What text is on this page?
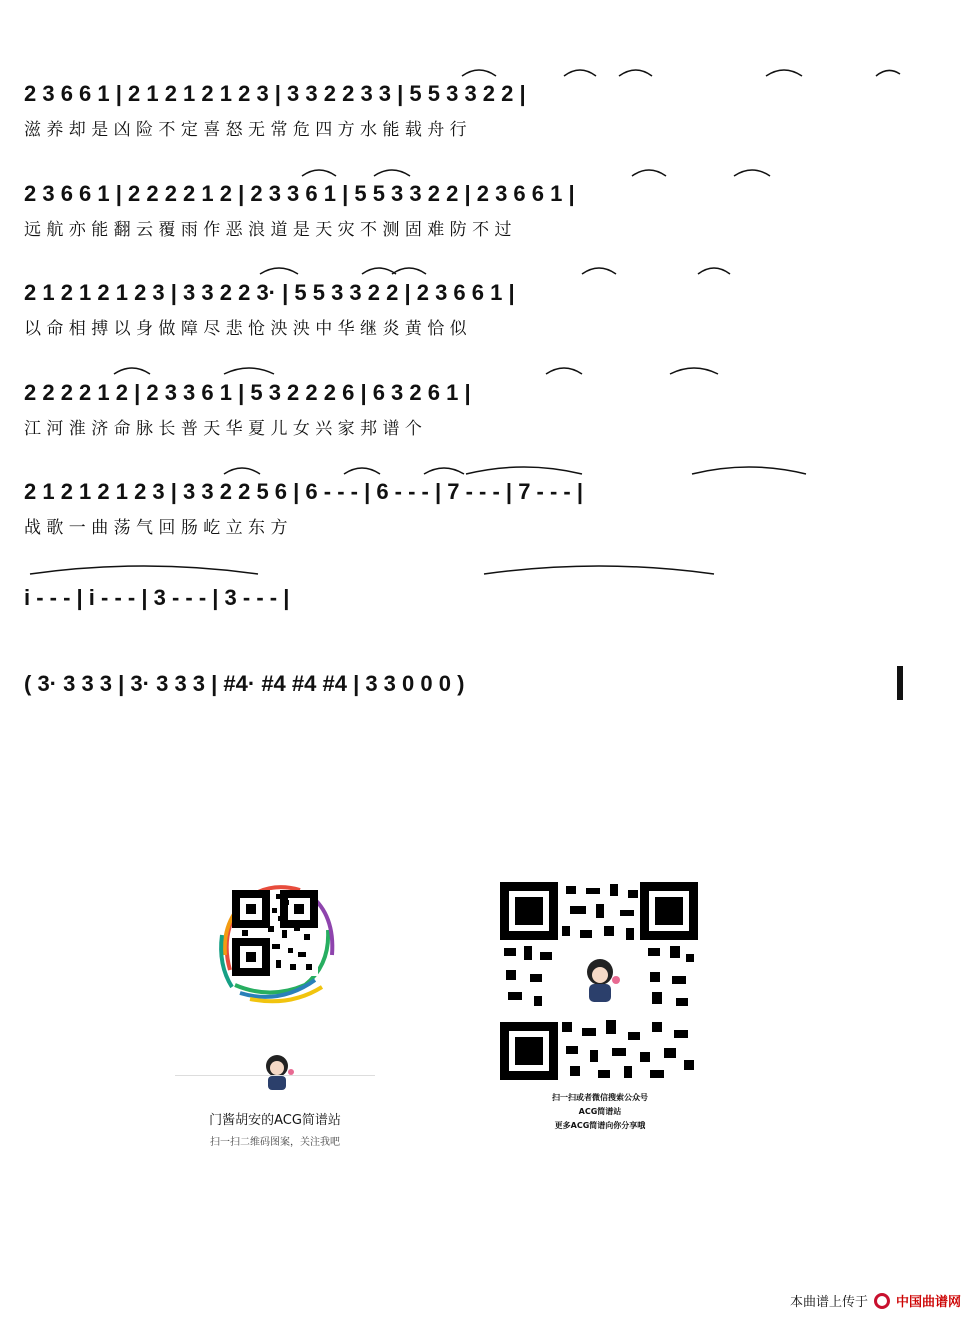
2 3 6 6 1 | 2 1 2 1 2 1 2 3 | 3 3 2 2 3 3 | 5 5 3 3 2 2 |
滋 养 却 是 凶 险 不 定 喜 怒 无 常 危 四 方 水 能 载 舟 行
2 3 6 6 1 | 2 2 2 2 1 2 | 2 3 3 6 1 | 5 5 3 3 2 2 | 2 3 6 6 1 |
远 航 亦 能 翻 云 覆 雨 作 恶 浪 道 是 天 灾 不 测 固 难 防 不 过
2 1 2 1 2 1 2 3 | 3 3 2 2 3· | 5 5 3 3 2 2 | 2 3 6 6 1 |
以 命 相 搏 以 身 做 障 尽 悲 怆 泱 泱 中 华 继 炎 黄 恰 似
2 2 2 2 1 2 | 2 3 3 6 1 | 5 3 2 2 2 6 | 6 3 2 6 1 |
江 河 淮 济 命 脉 长 普 天 华 夏 儿 女 兴 家 邦 谱 个
2 1 2 1 2 1 2 3 | 3 3 2 2 5 6 | 6 - - - | 6 - - - | 7 - - - | 7 - - - |
战 歌 一 曲 荡 气 回 肠 屹 立 东 方
i - - - | i - - - | 3 - - - | 3 - - - |
( 3· 3 3 3 | 3· 3 3 3 | #4· #4 #4 #4 | 3 3 0 0 0 )
门酱胡安的ACG简谱站
扫一扫二维码图案，关注我吧
扫一扫或者微信搜索公众号
ACG简谱站
更多ACG简谱向你分享哦
本曲谱上传于 中国曲谱网
